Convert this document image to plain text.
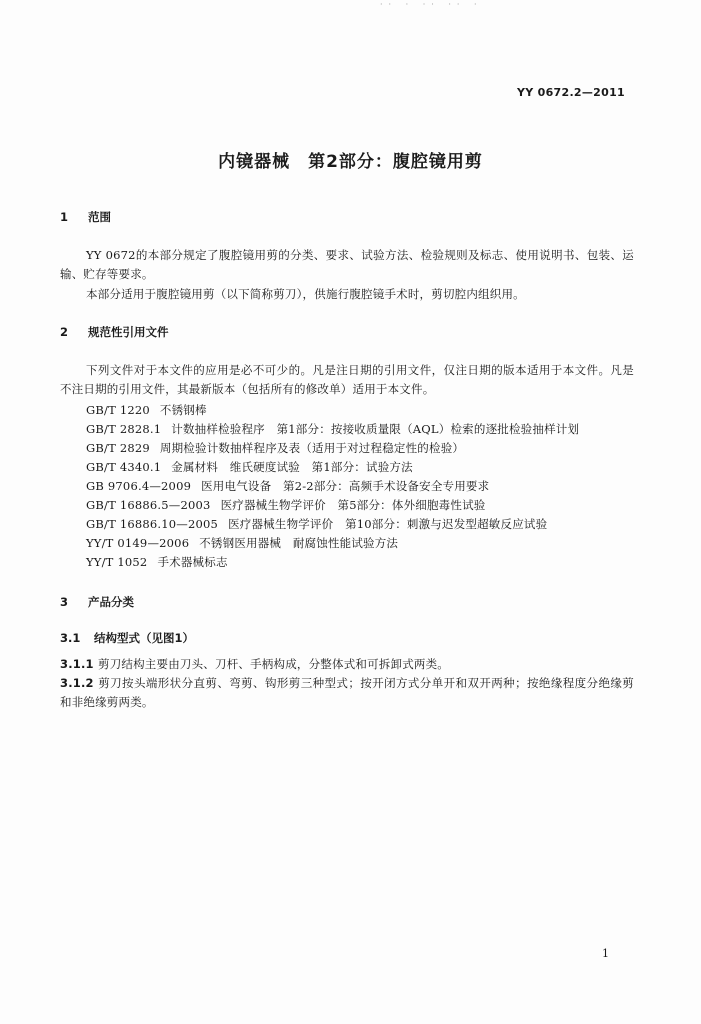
·· · ·· ·· ·
YY 0672.2—2011
内镜器械　第2部分：腹腔镜用剪
1 范围
YY 0672的本部分规定了腹腔镜用剪的分类、要求、试验方法、检验规则及标志、使用说明书、包装、运输、贮存等要求。
本部分适用于腹腔镜用剪（以下简称剪刀），供施行腹腔镜手术时，剪切腔内组织用。
2 规范性引用文件
下列文件对于本文件的应用是必不可少的。凡是注日期的引用文件，仅注日期的版本适用于本文件。凡是不注日期的引用文件，其最新版本（包括所有的修改单）适用于本文件。
GB/T 1220 不锈钢棒
GB/T 2828.1 计数抽样检验程序　第1部分：按接收质量限（AQL）检索的逐批检验抽样计划
GB/T 2829 周期检验计数抽样程序及表（适用于对过程稳定性的检验）
GB/T 4340.1 金属材料　维氏硬度试验　第1部分：试验方法
GB 9706.4—2009 医用电气设备　第2-2部分：高频手术设备安全专用要求
GB/T 16886.5—2003 医疗器械生物学评价　第5部分：体外细胞毒性试验
GB/T 16886.10—2005 医疗器械生物学评价　第10部分：刺激与迟发型超敏反应试验
YY/T 0149—2006 不锈钢医用器械　耐腐蚀性能试验方法
YY/T 1052 手术器械标志
3 产品分类
3.1 结构型式（见图1）
3.1.1 剪刀结构主要由刀头、刀杆、手柄构成，分整体式和可拆卸式两类。
3.1.2 剪刀按头端形状分直剪、弯剪、钩形剪三种型式；按开闭方式分单开和双开两种；按绝缘程度分绝缘剪和非绝缘剪两类。
1
